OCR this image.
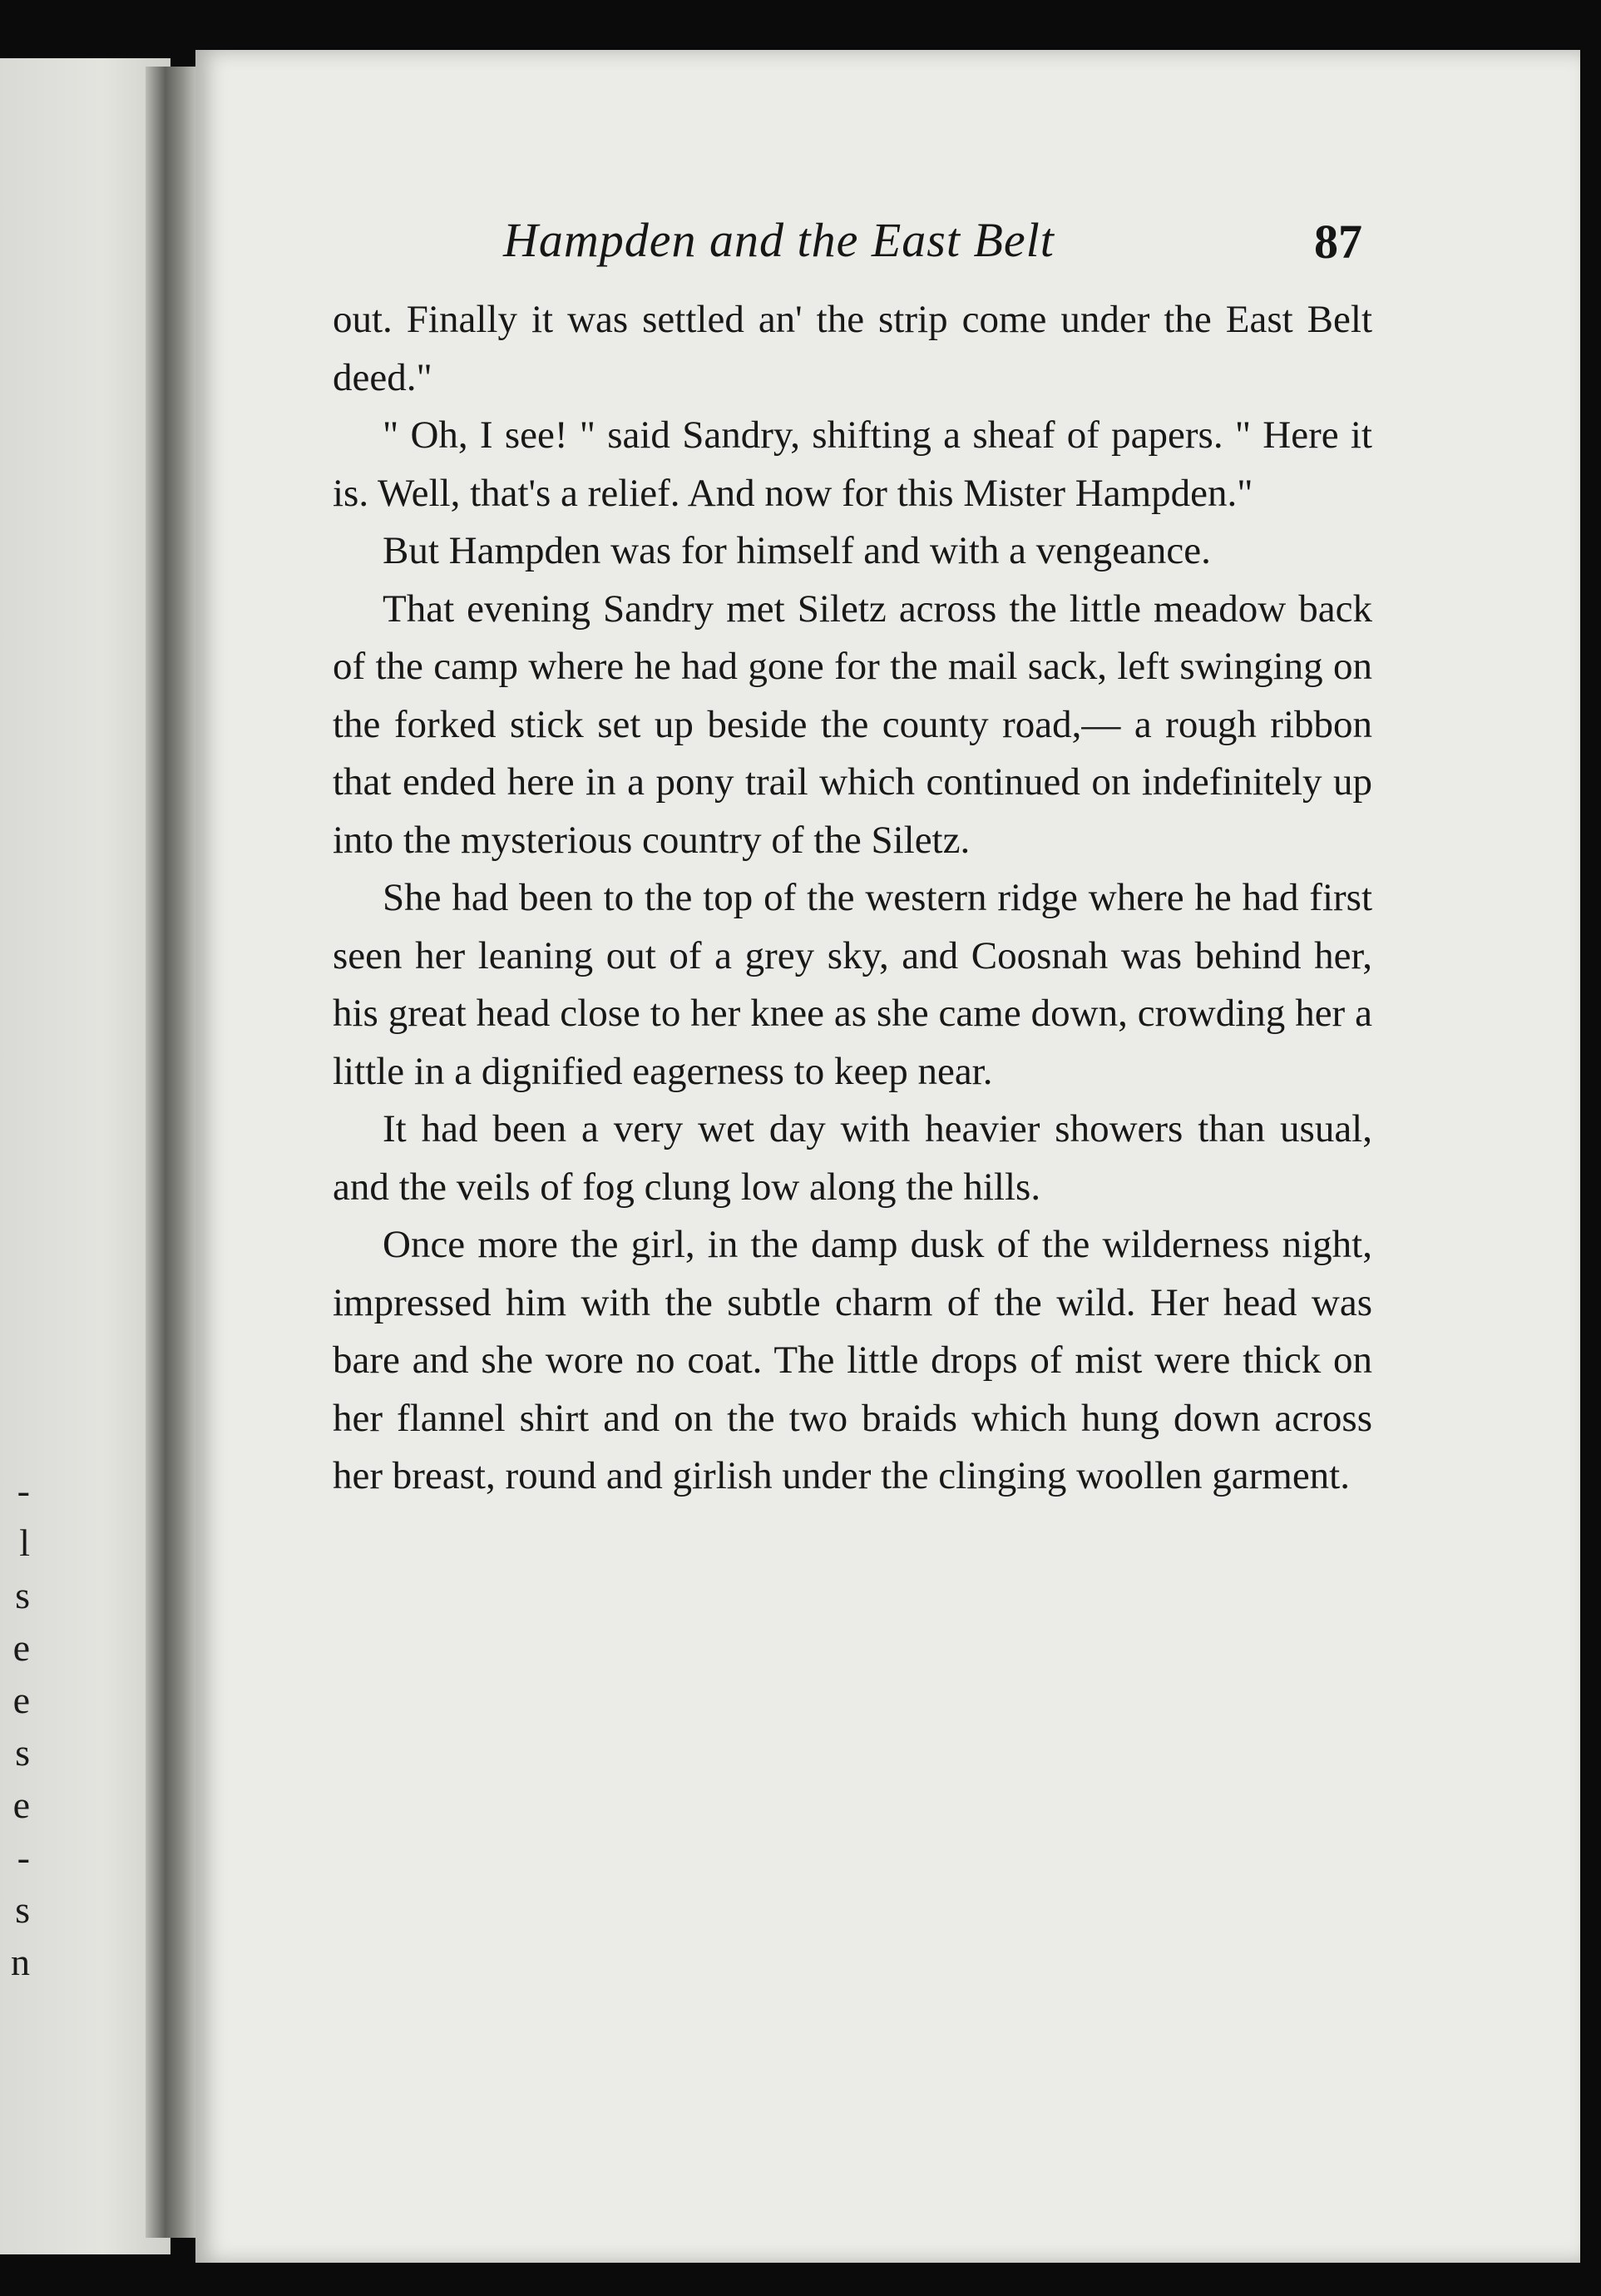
-
l
s
e
e
s
e
-
s
n
Hampden and the East Belt	87

out. Finally it was settled an' the strip come under the East Belt deed."

" Oh, I see! " said Sandry, shifting a sheaf of papers. " Here it is. Well, that's a relief. And now for this Mister Hampden."

But Hampden was for himself and with a vengeance.

That evening Sandry met Siletz across the little meadow back of the camp where he had gone for the mail sack, left swinging on the forked stick set up beside the county road,— a rough ribbon that ended here in a pony trail which continued on indefinitely up into the mysterious country of the Siletz.

She had been to the top of the western ridge where he had first seen her leaning out of a grey sky, and Coosnah was behind her, his great head close to her knee as she came down, crowding her a little in a dignified eagerness to keep near.

It had been a very wet day with heavier showers than usual, and the veils of fog clung low along the hills.

Once more the girl, in the damp dusk of the wilderness night, impressed him with the subtle charm of the wild. Her head was bare and she wore no coat. The little drops of mist were thick on her flannel shirt and on the two braids which hung down across her breast, round and girlish under the clinging woollen garment.
